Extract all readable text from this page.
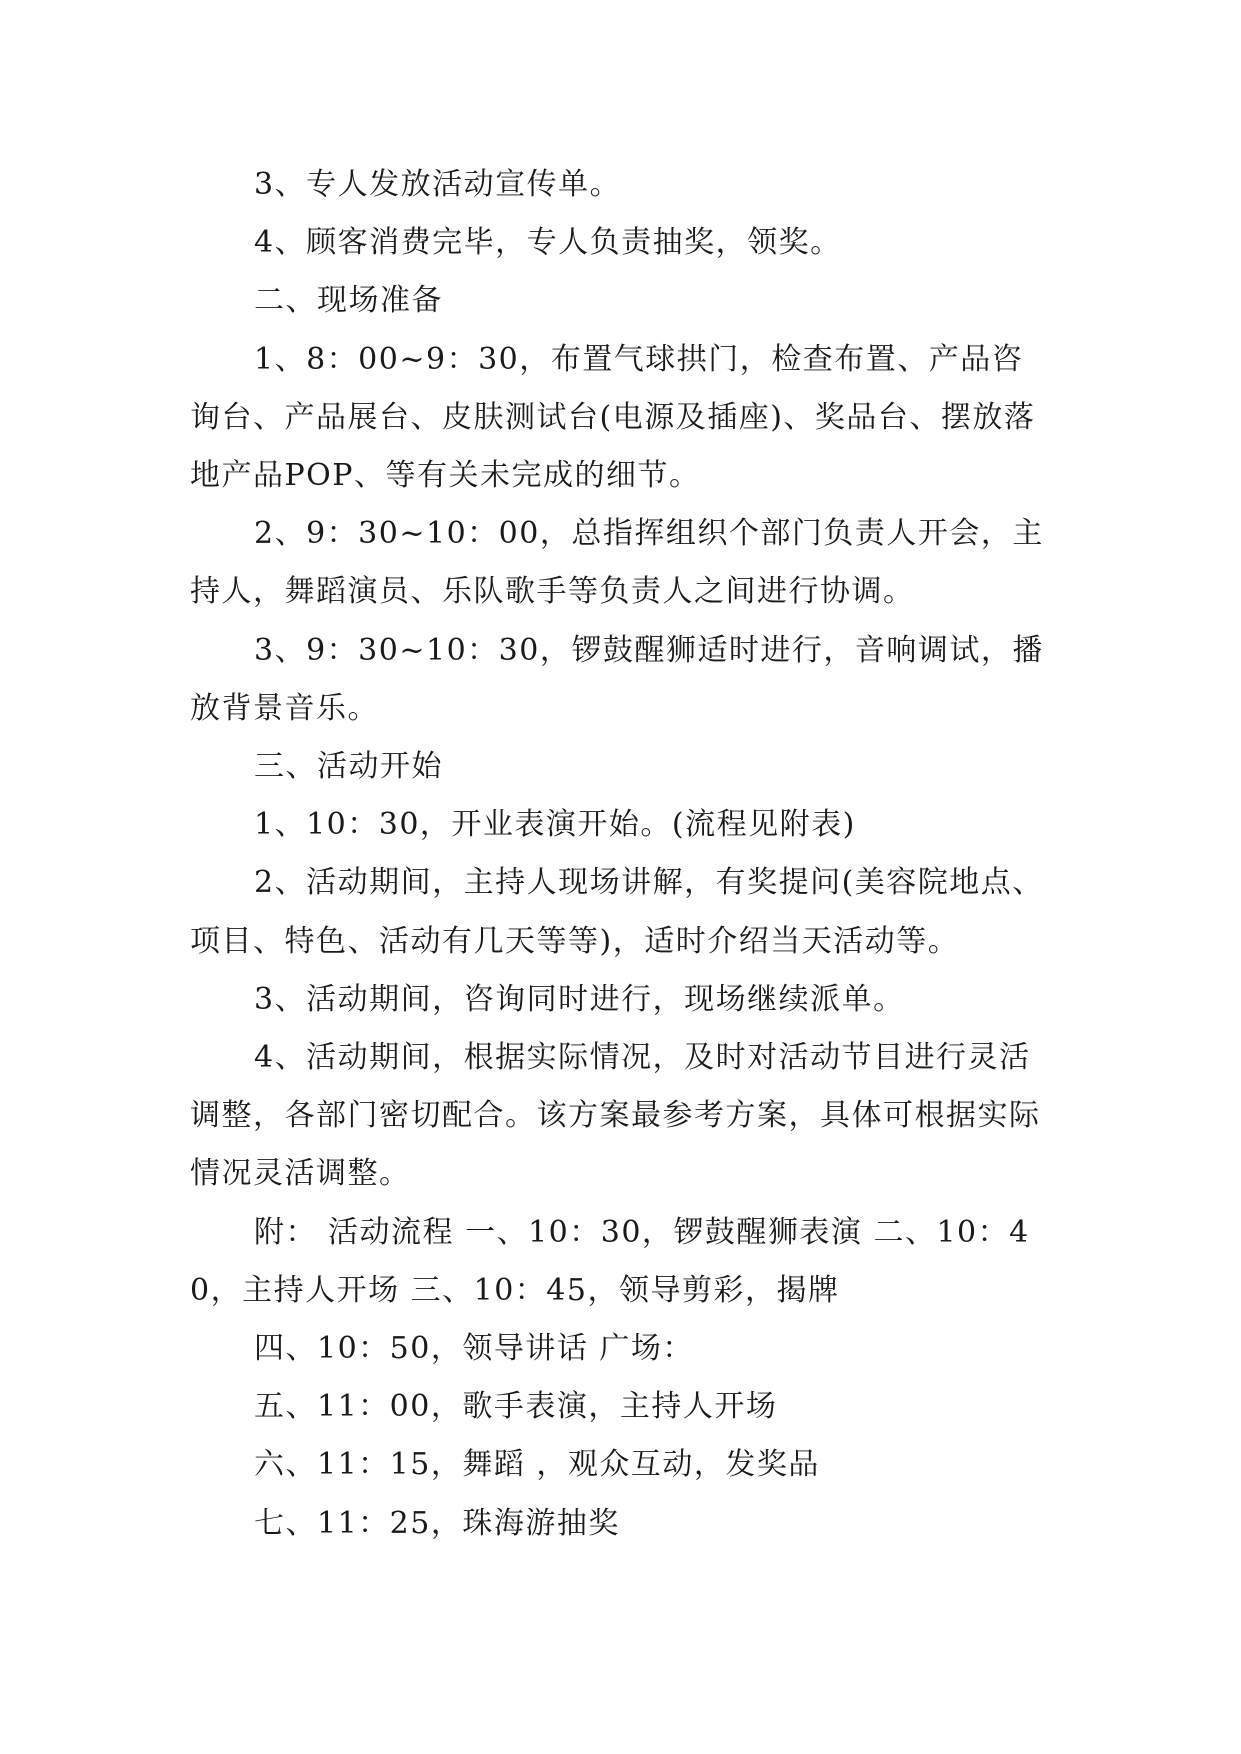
3、专人发放活动宣传单。

4、顾客消费完毕，专人负责抽奖，领奖。

二、现场准备

1、8：00~9：30，布置气球拱门，检查布置、产品咨询台、产品展台、皮肤测试台(电源及插座)、奖品台、摆放落地产品POP、等有关未完成的细节。

2、9：30~10：00，总指挥组织个部门负责人开会，主持人，舞蹈演员、乐队歌手等负责人之间进行协调。

3、9：30~10：30，锣鼓醒狮适时进行，音响调试，播放背景音乐。

三、活动开始

1、10：30，开业表演开始。(流程见附表)

2、活动期间，主持人现场讲解，有奖提问(美容院地点、项目、特色、活动有几天等等)，适时介绍当天活动等。

3、活动期间，咨询同时进行，现场继续派单。

4、活动期间，根据实际情况，及时对活动节目进行灵活调整，各部门密切配合。该方案最参考方案，具体可根据实际情况灵活调整。

附： 活动流程 一、10：30，锣鼓醒狮表演 二、10：40，主持人开场 三、10：45，领导剪彩，揭牌

四、10：50，领导讲话 广场：

五、11：00，歌手表演，主持人开场

六、11：15，舞蹈 ，观众互动，发奖品

七、11：25，珠海游抽奖
